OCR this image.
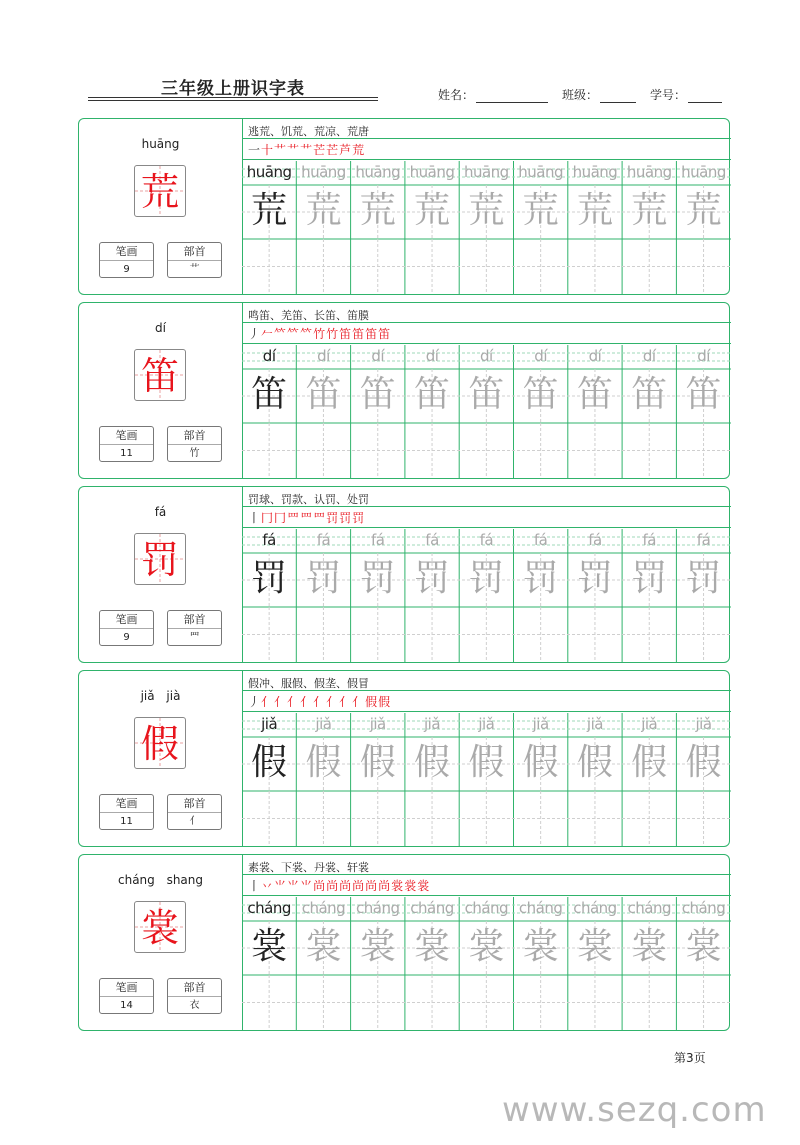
三年级上册识字表	姓名：	班级：	学号：
huāng
荒
笔画
9
部首
艹
逃荒、饥荒、荒凉、荒唐
一十艹艹艹芒芒芦荒
huāng
荒
huāng
荒
huāng
荒
huāng
荒
huāng
荒
huāng
荒
huāng
荒
huāng
荒
huāng
荒
dí
笛
笔画
11
部首
竹
鸣笛、羌笛、长笛、笛膜
丿𠂉𥫗𥫗𥫗竹竹笛笛笛笛
dí
笛
dí
笛
dí
笛
dí
笛
dí
笛
dí
笛
dí
笛
dí
笛
dí
笛
fá
罚
笔画
9
部首
罒
罚球、罚款、认罚、处罚
丨冂冂罒罒罒罚罚罚
fá
罚
fá
罚
fá
罚
fá
罚
fá
罚
fá
罚
fá
罚
fá
罚
fá
罚
jiǎ jià
假
笔画
11
部首
亻
假冲、服假、假垄、假冒
丿亻亻亻亻亻亻亻亻假假
jiǎ
假
jiǎ
假
jiǎ
假
jiǎ
假
jiǎ
假
jiǎ
假
jiǎ
假
jiǎ
假
jiǎ
假
cháng shang
裳
笔画
14
部首
衣
素裳、下裳、丹裳、轩裳
丨丷⺌⺌⺌尚尚尚尚尚尚裳裳裳
cháng
裳
cháng
裳
cháng
裳
cháng
裳
cháng
裳
cháng
裳
cháng
裳
cháng
裳
cháng
裳
第3页
www.sezq.com
